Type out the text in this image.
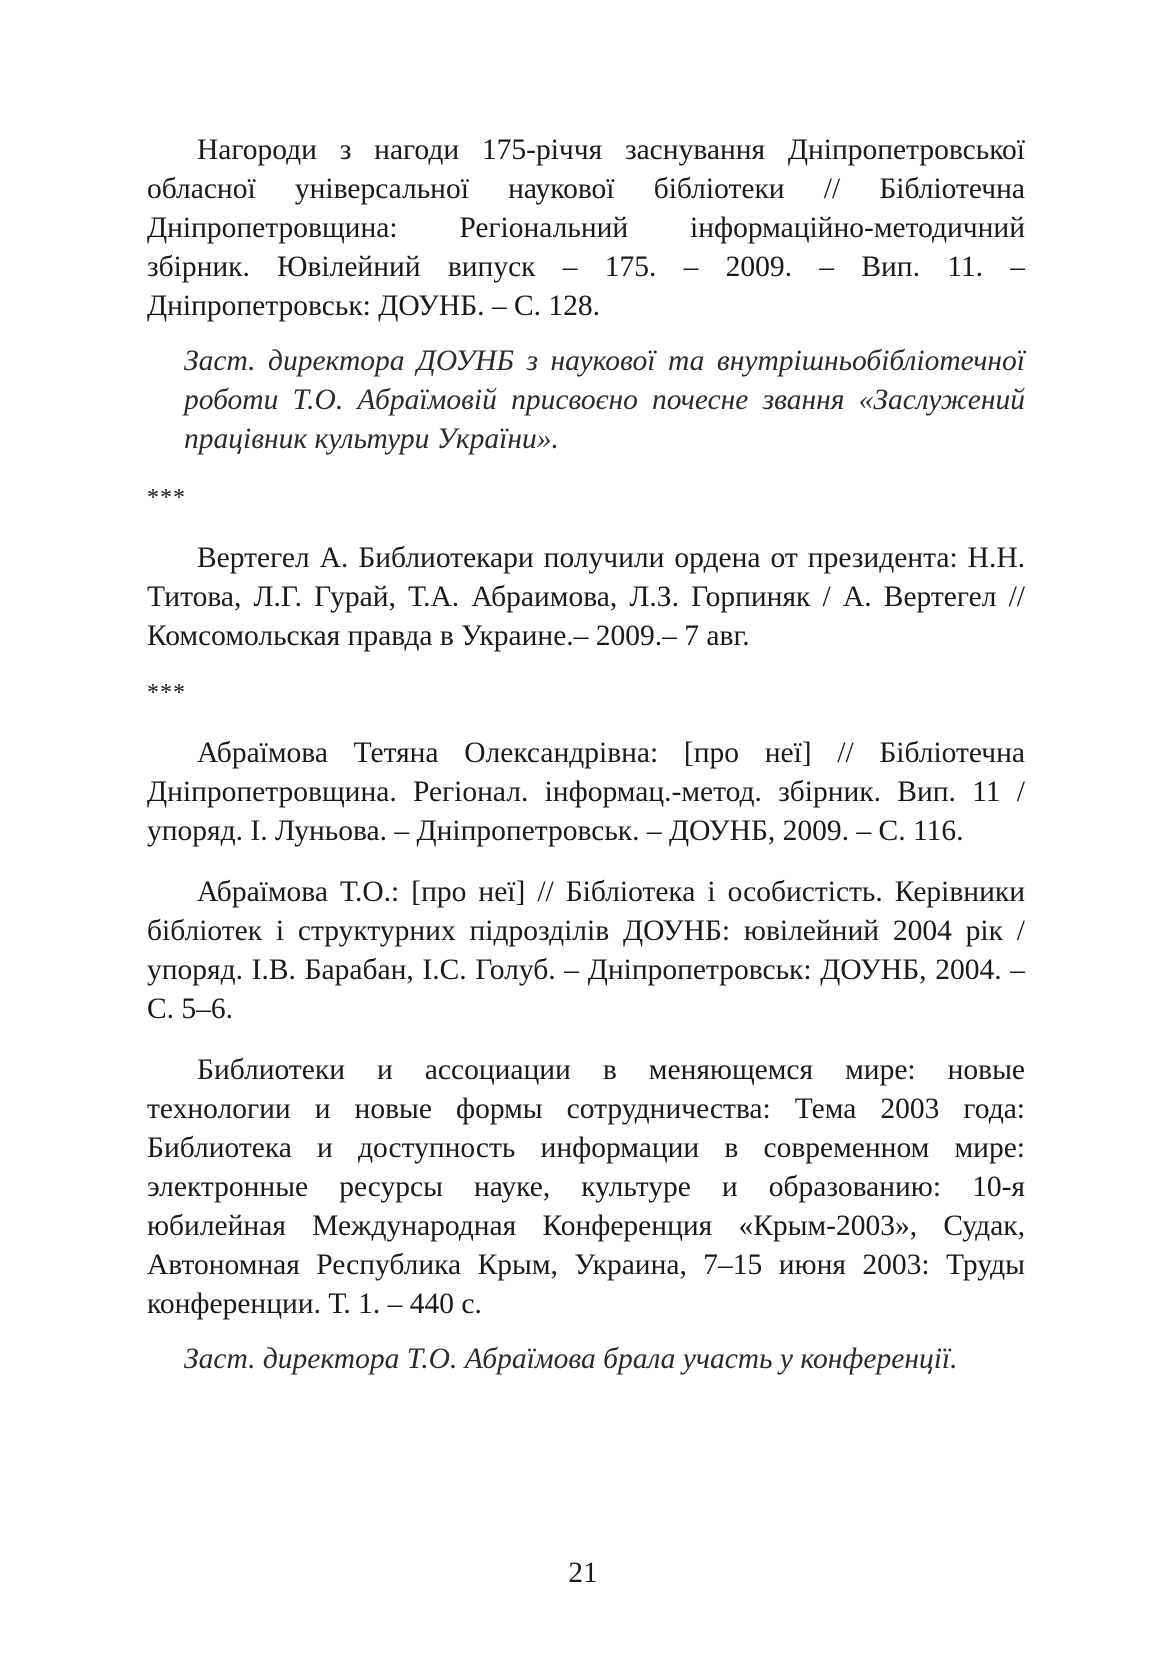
Нагороди з нагоди 175-річчя заснування Дніпропетровської обласної універсальної наукової бібліотеки // Бібліотечна Дніпропетровщина: Регіональний інформаційно-методичний збірник. Ювілейний випуск – 175. – 2009. – Вип. 11. – Дніпропетровськ: ДОУНБ. – С. 128.

Заст. директора ДОУНБ з наукової та внутрішньобібліотечної роботи Т.О. Абраїмовій присвоєно почесне звання «Заслужений працівник культури України».

***

Вертегел А. Библиотекари получили ордена от президента: Н.Н. Титова, Л.Г. Гурай, Т.А. Абраимова, Л.З. Горпиняк / А. Вертегел // Комсомольская правда в Украине.– 2009.– 7 авг.

***

Абраїмова Тетяна Олександрівна: [про неї] // Бібліотечна Дніпропетровщина. Регіонал. інформац.-метод. збірник. Вип. 11 / упоряд. І. Луньова. – Дніпропетровськ. – ДОУНБ, 2009. – С. 116.

Абраїмова Т.О.: [про неї] // Бібліотека і особистість. Керівники бібліотек і структурних підрозділів ДОУНБ: ювілейний 2004 рік / упоряд. І.В. Барабан, І.С. Голуб. – Дніпропетровськ: ДОУНБ, 2004. – С. 5–6.

Библиотеки и ассоциации в меняющемся мире: новые технологии и новые формы сотрудничества: Тема 2003 года: Библиотека и доступность информации в современном мире: электронные ресурсы науке, культуре и образованию: 10-я юбилейная Международная Конференция «Крым-2003», Судак, Автономная Республика Крым, Украина, 7–15 июня 2003: Труды конференции. Т. 1. – 440 с.

Заст. директора Т.О. Абраїмова брала участь у конференції.

21
